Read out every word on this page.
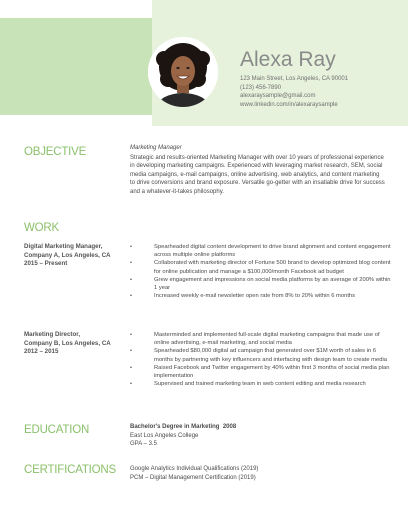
Alexa Ray
123 Main Street, Los Angeles, CA 90001
(123) 456-7890
alexaraysample@gmail.com
www.linkedin.com/in/alexaraysample
OBJECTIVE	Marketing Manager
Strategic and results-oriented Marketing Manager with over 10 years of professional experience in developing marketing campaigns. Experienced with leveraging market research, SEM, social media campaigns, e-mail campaigns, online advertising, web analytics, and content marketing to drive conversions and brand exposure. Versatile go-getter with an insatiable drive for success and a whatever-it-takes philosophy.
WORK
Digital Marketing Manager,
Company A, Los Angeles, CA
2015 – Present
• Spearheaded digital content development to drive brand alignment and content engagement across multiple online platforms
• Collaborated with marketing director of Fortune 500 brand to develop optimized blog content for online publication and manage a $100,000/month Facebook ad budget
• Grew engagement and impressions on social media platforms by an average of 200% within 1 year
• Increased weekly e-mail newsletter open rate from 8% to 20% within 6 months
Marketing Director,
Company B, Los Angeles, CA
2012 – 2015
• Masterminded and implemented full-scale digital marketing campaigns that made use of online advertising, e-mail marketing, and social media
• Spearheaded $80,000 digital ad campaign that generated over $1M worth of sales in 6 months by partnering with key influencers and interfacing with design team to create media
• Raised Facebook and Twitter engagement by 40% within first 3 months of social media plan implementation
• Supervised and trained marketing team in web content editing and media research
EDUCATION	Bachelor's Degree in Marketing 2008
East Los Angeles College
GPA – 3.5
CERTIFICATIONS Google Analytics Individual Qualifications (2019)
PCM – Digital Management Certification (2019)
